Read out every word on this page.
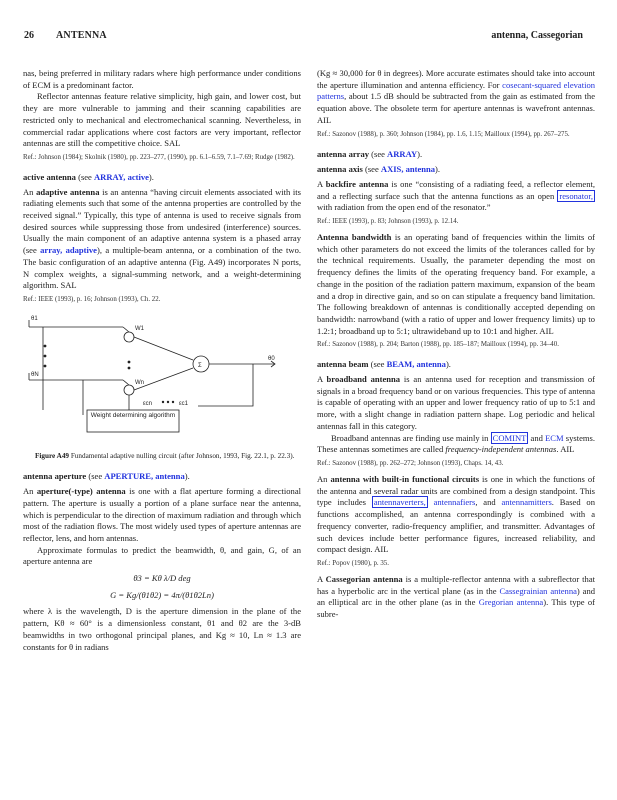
26 ANTENNA	antenna, Cassegorian

nas, being preferred in military radars where high performance under conditions of ECM is a predominant factor.

Reflector antennas feature relative simplicity, high gain, and lower cost, but they are more vulnerable to jamming and their scanning capabilities are restricted only to mechanical and electromechanical scanning. Nevertheless, in commercial radar applications where cost factors are very important, reflector antennas are still the competitive choice. SAL

Ref.: Johnson (1984); Skolnik (1980), pp. 223–277, (1990), pp. 6.1–6.59, 7.1–7.69; Rudge (1982).

active antenna (see ARRAY, active).

An adaptive antenna is an antenna “having circuit elements associated with its radiating elements such that some of the antenna properties are controlled by the received signal.” Typically, this type of antenna is used to receive signals from desired sources while suppressing those from undesired (interference) sources. Usually the main component of an adaptive antenna system is a phased array (see array, adaptive), a multiple-beam antenna, or a combination of the two. The basic configuration of an adaptive antenna (Fig. A49) incorporates N ports, N complex weights, a signal-summing network, and a weight-determining algorithm. SAL

Ref.: IEEE (1993), p. 16; Johnson (1993), Ch. 22.

θ1
θN
W1
Wn
Σ
θ0
εcn	εc1
Weight determining algorithm

Figure A49 Fundamental adaptive nulling circuit (after Johnson, 1993, Fig. 22.1, p. 22.3).

antenna aperture (see APERTURE, antenna).

An aperture(-type) antenna is one with a flat aperture forming a directional pattern. The aperture is usually a portion of a plane surface near the antenna, which is perpendicular to the direction of maximum radiation and through which most of the radiation flows. The most widely used types of aperture antennas are reflector, lens, and horn antennas.

Approximate formulas to predict the beamwidth, θ, and gain, G, of an aperture antenna are

θ3 = Kθ λ/D deg

G = Kg/(θ1θ2) = 4π/(θ1θ2Ln)

where λ is the wavelength, D is the aperture dimension in the plane of the pattern, Kθ ≈ 60° is a dimensionless constant, θ1 and θ2 are the 3-dB beamwidths in two orthogonal principal planes, and Kg ≈ 10, Ln ≈ 1.3 are constants for θ in radians

(Kg ≈ 30,000 for θ in degrees). More accurate estimates should take into account the aperture illumination and antenna efficiency. For cosecant-squared elevation patterns, about 1.5 dB should be subtracted from the gain as estimated from the equation above. The obsolete term for aperture antennas is wavefront antennas. AIL

Ref.: Sazonov (1988), p. 360; Johnson (1984), pp. 1.6, 1.15; Mailloux (1994), pp. 267–275.

antenna array (see ARRAY).

antenna axis (see AXIS, antenna).

A backfire antenna is one “consisting of a radiating feed, a reflector element, and a reflecting surface such that the antenna functions as an open resonator, with radiation from the open end of the resonator.”

Ref.: IEEE (1993), p. 83; Johnson (1993), p. 12.14.

Antenna bandwidth is an operating band of frequencies within the limits of which other parameters do not exceed the limits of the tolerances called for by the technical requirements. Usually, the parameter depending the most on frequency defines the limits of the operating frequency band. For example, a change in the position of the radiation pattern maximum, expansion of the beam and a drop in directive gain, and so on can stipulate a frequency band limitation. The following breakdown of antennas is conditionally accepted depending on bandwidth: narrowband (with a ratio of upper and lower frequency limits) up to 1.2:1; broadband up to 5:1; ultrawideband up to 10:1 and higher. AIL

Ref.: Sazonov (1988), p. 204; Barton (1988), pp. 185–187; Mailloux (1994), pp. 34–40.

antenna beam (see BEAM, antenna).

A broadband antenna is an antenna used for reception and transmission of signals in a broad frequency band or on various frequencies. This type of antenna is capable of operating with an upper and lower frequency ratio of up to 5:1 and more, with a slight change in radiation pattern shape. Log periodic and helical antennas fall in this category.

Broadband antennas are finding use mainly in COMINT and ECM systems. These antennas sometimes are called frequency-independent antennas. AIL

Ref.: Sazonov (1988), pp. 262–272; Johnson (1993), Chaps. 14, 43.

An antenna with built-in functional circuits is one in which the functions of the antenna and several radar units are combined from a design standpoint. This type includes antennaverters, antennafiers, and antennamitters. Based on functions accomplished, an antenna correspondingly is combined with a frequency converter, radio-frequency amplifier, and transmitter. Advantages of such devices include better performance figures, increased reliability, and compact design. AIL

Ref.: Popov (1980), p. 35.

A Cassegorian antenna is a multiple-reflector antenna with a subreflector that has a hyperbolic arc in the vertical plane (as in the Cassegrainian antenna) and an elliptical arc in the other plane (as in the Gregorian antenna). This type of subre-
